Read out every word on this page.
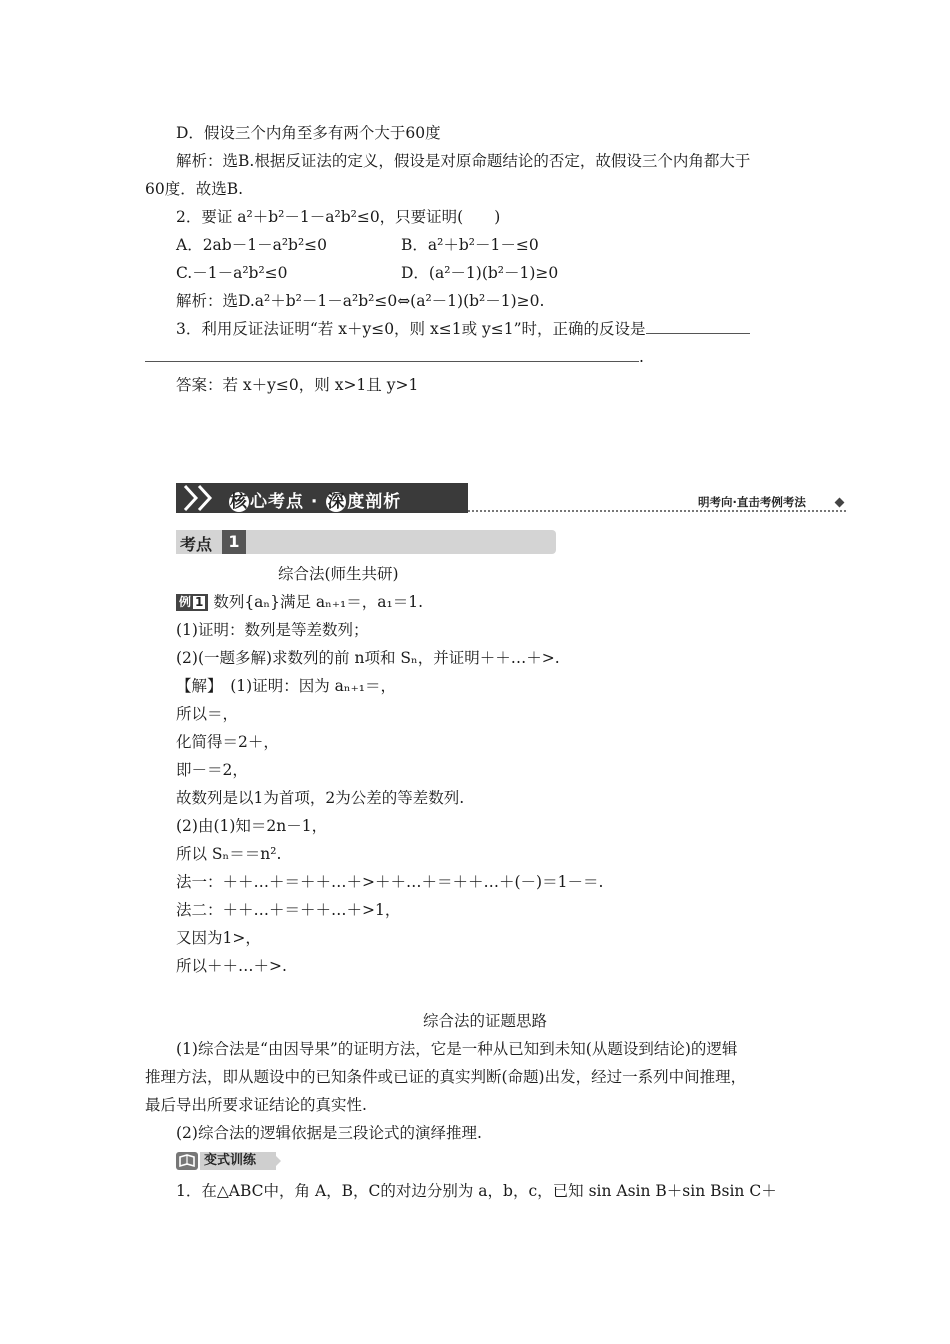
D．假设三个内角至多有两个大于60度
解析：选B.根据反证法的定义，假设是对原命题结论的否定，故假设三个内角都大于
60度．故选B.
2．要证 a²＋b²－1－a²b²≤0，只要证明(　　)
A．2ab－1－a²b²≤0	B．a²＋b²－1－≤0
C.－1－a²b²≤0	D．(a²－1)(b²－1)≥0
解析：选D.a²＋b²－1－a²b²≤0⇔(a²－1)(b²－1)≥0.
3．利用反证法证明“若 x＋y≤0，则 x≤1或 y≤1”时，正确的反设是
.
答案：若 x＋y≤0，则 x>1且 y>1
核 心考点 · 深 度剖析	明考向·直击考例考法
考点	1
综合法(师生共研)
例 1 数列{aₙ}满足 aₙ₊₁＝，a₁＝1.
(1)证明：数列是等差数列；
(2)(一题多解)求数列的前 n项和 Sₙ，并证明＋＋…＋>.
【解】　(1)证明：因为 aₙ₊₁＝，
所以＝，
化简得＝2＋，
即－＝2，
故数列是以1为首项，2为公差的等差数列.
(2)由(1)知＝2n－1，
所以 Sₙ＝＝n².
法一：＋＋…＋＝＋＋…＋>＋＋…＋＝＋＋…＋(－)＝1－＝.
法二：＋＋…＋＝＋＋…＋>1，
又因为1>，
所以＋＋…＋>.
综合法的证题思路
(1)综合法是“由因导果”的证明方法，它是一种从已知到未知(从题设到结论)的逻辑
推理方法，即从题设中的已知条件或已证的真实判断(命题)出发，经过一系列中间推理，
最后导出所要求证结论的真实性.
(2)综合法的逻辑依据是三段论式的演绎推理.
变式训练
1．在△ABC中，角 A，B，C的对边分别为 a，b，c，已知 sin Asin B＋sin Bsin C＋
